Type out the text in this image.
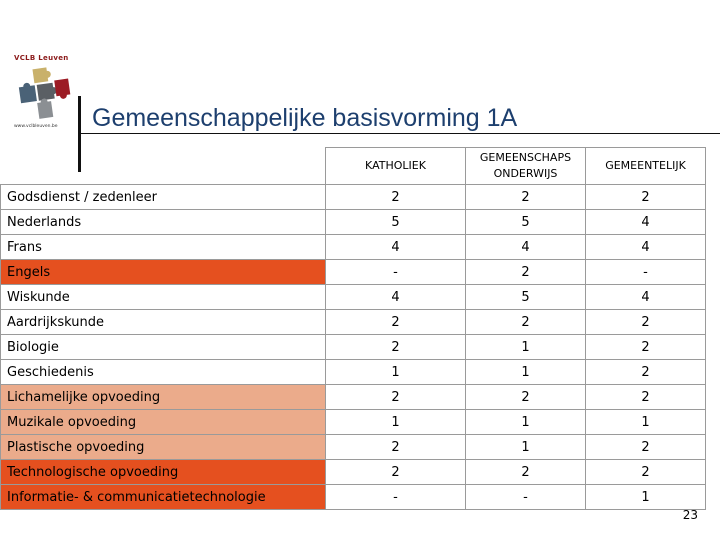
VCLB Leuven
www.vclbleuven.be	Gemeenschappelijke basisvorming 1A
	KATHOLIEK	GEMEENSCHAPS ONDERWIJS	GEMEENTELIJK
Godsdienst / zedenleer	2	2	2
Nederlands	5	5	4
Frans	4	4	4
Engels	-	2	-
Wiskunde	4	5	4
Aardrijkskunde	2	2	2
Biologie	2	1	2
Geschiedenis	1	1	2
Lichamelijke opvoeding	2	2	2
Muzikale opvoeding	1	1	1
Plastische opvoeding	2	1	2
Technologische opvoeding	2	2	2
Informatie- & communicatietechnologie	-	-	1
23
